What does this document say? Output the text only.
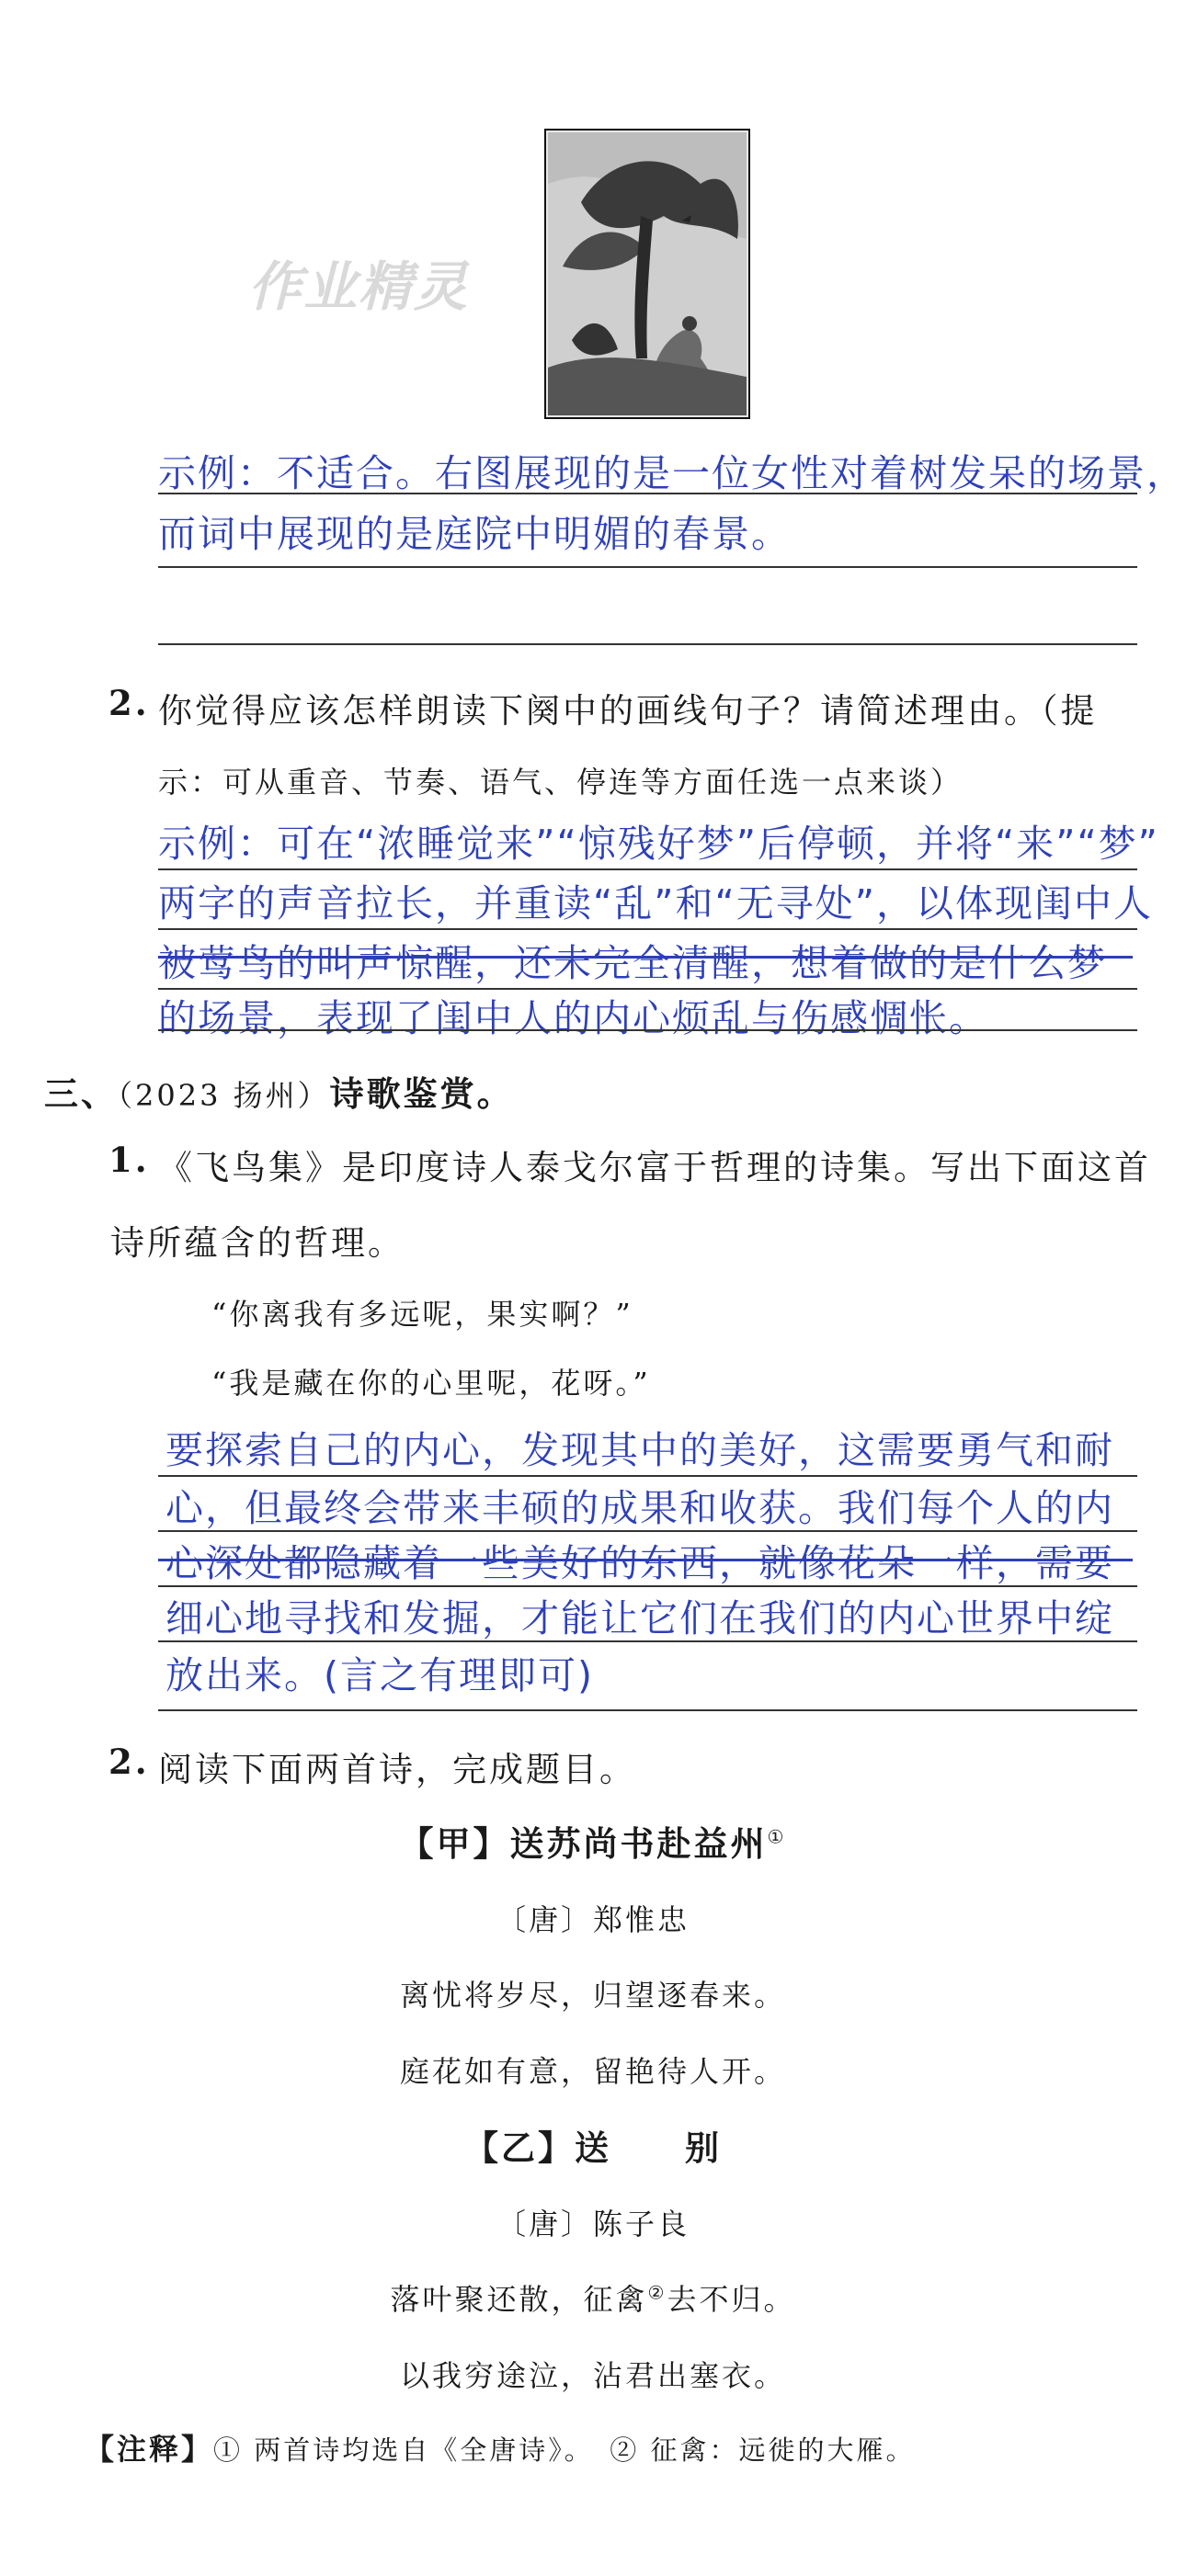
作业精灵
示例：不适合。右图展现的是一位女性对着树发呆的场景，
而词中展现的是庭院中明媚的春景。
2. 你觉得应该怎样朗读下阕中的画线句子？请简述理由。（提
示：可从重音、节奏、语气、停连等方面任选一点来谈）
示例：可在“浓睡觉来”“惊残好梦”后停顿，并将“来”“梦”
两字的声音拉长，并重读“乱”和“无寻处”，以体现闺中人
被莺鸟的叫声惊醒，还未完全清醒，想着做的是什么梦
的场景，表现了闺中人的内心烦乱与伤感惆怅。
三、（2023 扬州）诗歌鉴赏。
1. 《飞鸟集》是印度诗人泰戈尔富于哲理的诗集。写出下面这首
诗所蕴含的哲理。
“你离我有多远呢，果实啊？”
“我是藏在你的心里呢，花呀。”
要探索自己的内心，发现其中的美好，这需要勇气和耐
心，但最终会带来丰硕的成果和收获。我们每个人的内
心深处都隐藏着一些美好的东西，就像花朵一样，需要
细心地寻找和发掘，才能让它们在我们的内心世界中绽
放出来。(言之有理即可)
2. 阅读下面两首诗，完成题目。
【甲】送苏尚书赴益州①
〔唐〕郑惟忠
离忧将岁尽，归望逐春来。
庭花如有意，留艳待人开。
【乙】送　　别
〔唐〕陈子良
落叶聚还散，征禽②去不归。
以我穷途泣，沾君出塞衣。
【注释】① 两首诗均选自《全唐诗》。　② 征禽：远徙的大雁。
